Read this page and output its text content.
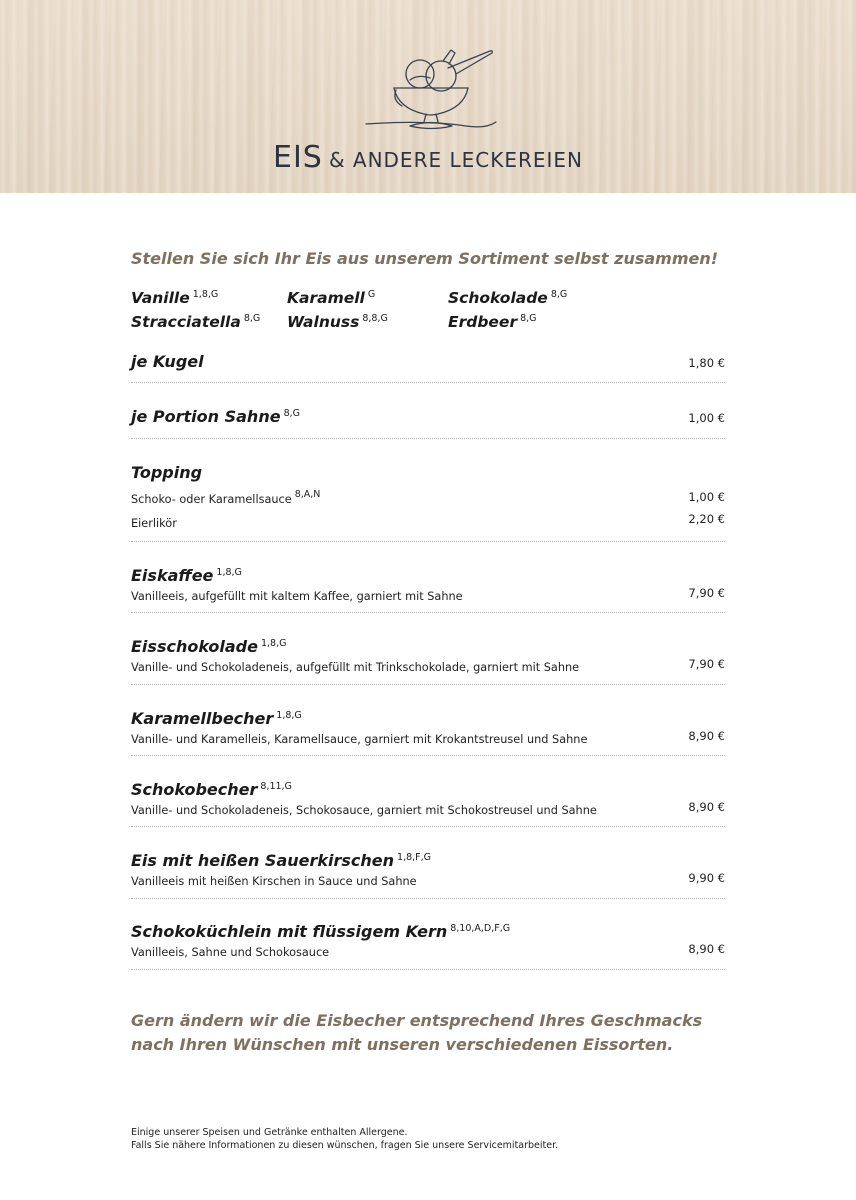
EIS & ANDERE LECKEREIEN
Stellen Sie sich Ihr Eis aus unserem Sortiment selbst zusammen!
Vanille $^{1,8,G}$	Karamell $^G$	Schokolade $^{8,G}$
Stracciatella $^{8,G}$ Walnuss $^{8,8,G}$	Erdbeer $^{8,G}$
je Kugel	1,80 €
je Portion Sahne $^{8,G}$	1,00 €
Topping
Schoko- oder Karamellsauce $^{8,A,N}$	1,00 €
Eierlikör	2,20 €
Eiskaffee $^{1,8,G}$
Vanilleeis, aufgefüllt mit kaltem Kaffee, garniert mit Sahne	7,90 €
Eisschokolade $^{1,8,G}$
Vanille- und Schokoladeneis, aufgefüllt mit Trinkschokolade, garniert mit Sahne	7,90 €
Karamellbecher $^{1,8,G}$
Vanille- und Karamelleis, Karamellsauce, garniert mit Krokantstreusel und Sahne	8,90 €
Schokobecher $^{8,11,G}$
Vanille- und Schokoladeneis, Schokosauce, garniert mit Schokostreusel und Sahne	8,90 €
Eis mit heißen Sauerkirschen $^{1,8,F,G}$
Vanilleeis mit heißen Kirschen in Sauce und Sahne	9,90 €
Schokoküchlein mit flüssigem Kern $^{8,10,A,D,F,G}$
Vanilleeis, Sahne und Schokosauce	8,90 €
Gern ändern wir die Eisbecher entsprechend Ihres Geschmacks
nach Ihren Wünschen mit unseren verschiedenen Eissorten.
Einige unserer Speisen und Getränke enthalten Allergene.
Falls Sie nähere Informationen zu diesen wünschen, fragen Sie unsere Servicemitarbeiter.
